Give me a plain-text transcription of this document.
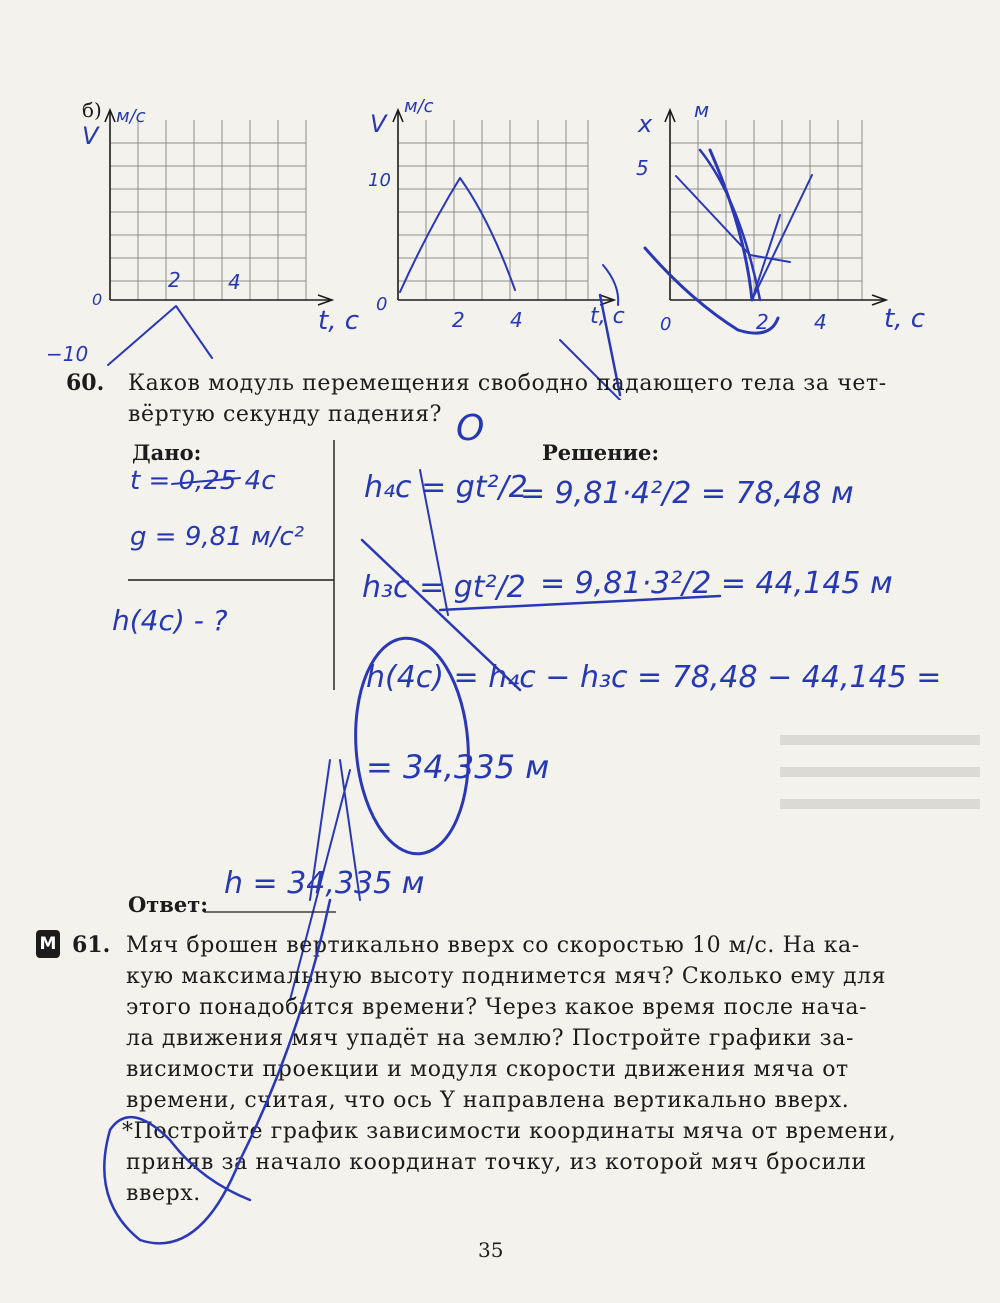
б)
V
м/с
2 4
0
−10
t, с
V
м/с
10
0
2 4	t, с
x м
5
0	2 4 t, с
60. Каков модуль перемещения свободно падающего тела за чет-
вёртую секунду падения? O
Дано:	Решение:
t = 0,25 4с
g = 9,81 м/с²
h(4с) - ?
h₄c = gt²/2
= 9,81·4²/2 = 78,48 м
h₃c = gt²/2 = 9,81·3²/2 = 44,145 м
h(4с) = h₄c − h₃c = 78,48 − 44,145 =
= 34,335 м
Ответ:
h = 34,335 м
М 61. Мяч брошен вертикально вверх со скоростью 10 м/с. На ка-
кую максимальную высоту поднимется мяч? Сколько ему для
этого понадобится времени? Через какое время после нача-
ла движения мяч упадёт на землю? Постройте графики за-
висимости проекции и модуля скорости движения мяча от
времени, считая, что ось Y направлена вертикально вверх.
*Постройте график зависимости координаты мяча от времени,
приняв за начало координат точку, из которой мяч бросили
вверх.
35
